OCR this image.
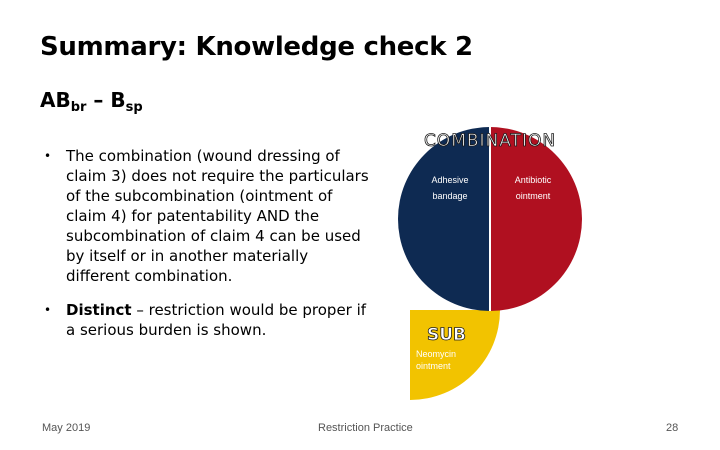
Summary: Knowledge check 2
$AB_{br} - B_{sp}$
• The combination (wound dressing of claim 3) does not require the particulars of the subcombination (ointment of claim 4) for patentability AND the subcombination of claim 4 can be used by itself or in another materially different combination.
• Distinct – restriction would be proper if a serious burden is shown.
COMBINATION
Adhesive
bandage
Antibiotic
ointment
SUB
Neomycin
ointment
May 2019	Restriction Practice	28
